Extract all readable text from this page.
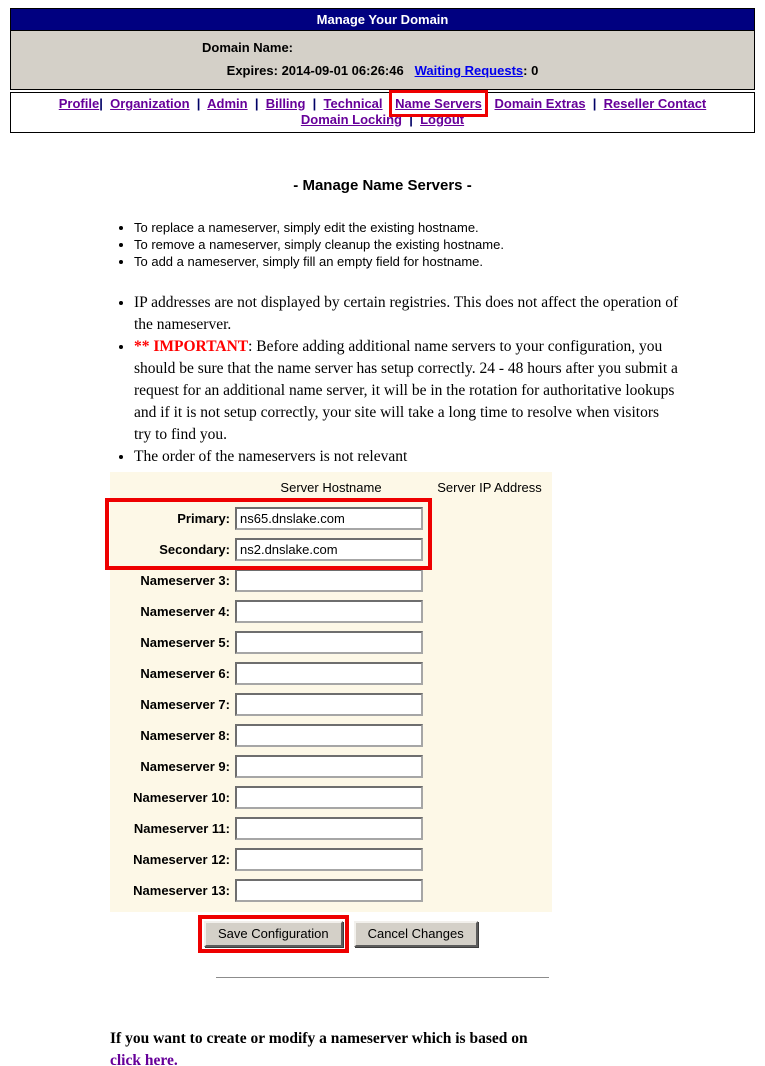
Manage Your Domain
Domain Name:
Expires: 2014-09-01 06:26:46 Waiting Requests: 0
Profile|  Organization  |  Admin  |  Billing  |  Technical Name Servers Domain Extras  |  Reseller Contact
Domain Locking  |  Logout
- Manage Name Servers -
• To replace a nameserver, simply edit the existing hostname.
• To remove a nameserver, simply cleanup the existing hostname.
• To add a nameserver, simply fill an empty field for hostname.
• IP addresses are not displayed by certain registries. This does not affect the operation of the nameserver.
• ** IMPORTANT: Before adding additional name servers to your configuration, you should be sure that the name server has setup correctly. 24 - 48 hours after you submit a request for an additional name server, it will be in the rotation for authoritative lookups and if it is not setup correctly, your site will take a long time to resolve when visitors try to find you.
• The order of the nameservers is not relevant
Server Hostname	Server IP Address
Primary:
ns65.dnslake.com
Secondary:
ns2.dnslake.com
Nameserver 3:
Nameserver 4:
Nameserver 5:
Nameserver 6:
Nameserver 7:
Nameserver 8:
Nameserver 9:
Nameserver 10:
Nameserver 11:
Nameserver 12:
Nameserver 13:
Save Configuration	Cancel Changes
If you want to create or modify a nameserver which is based on
click here.
